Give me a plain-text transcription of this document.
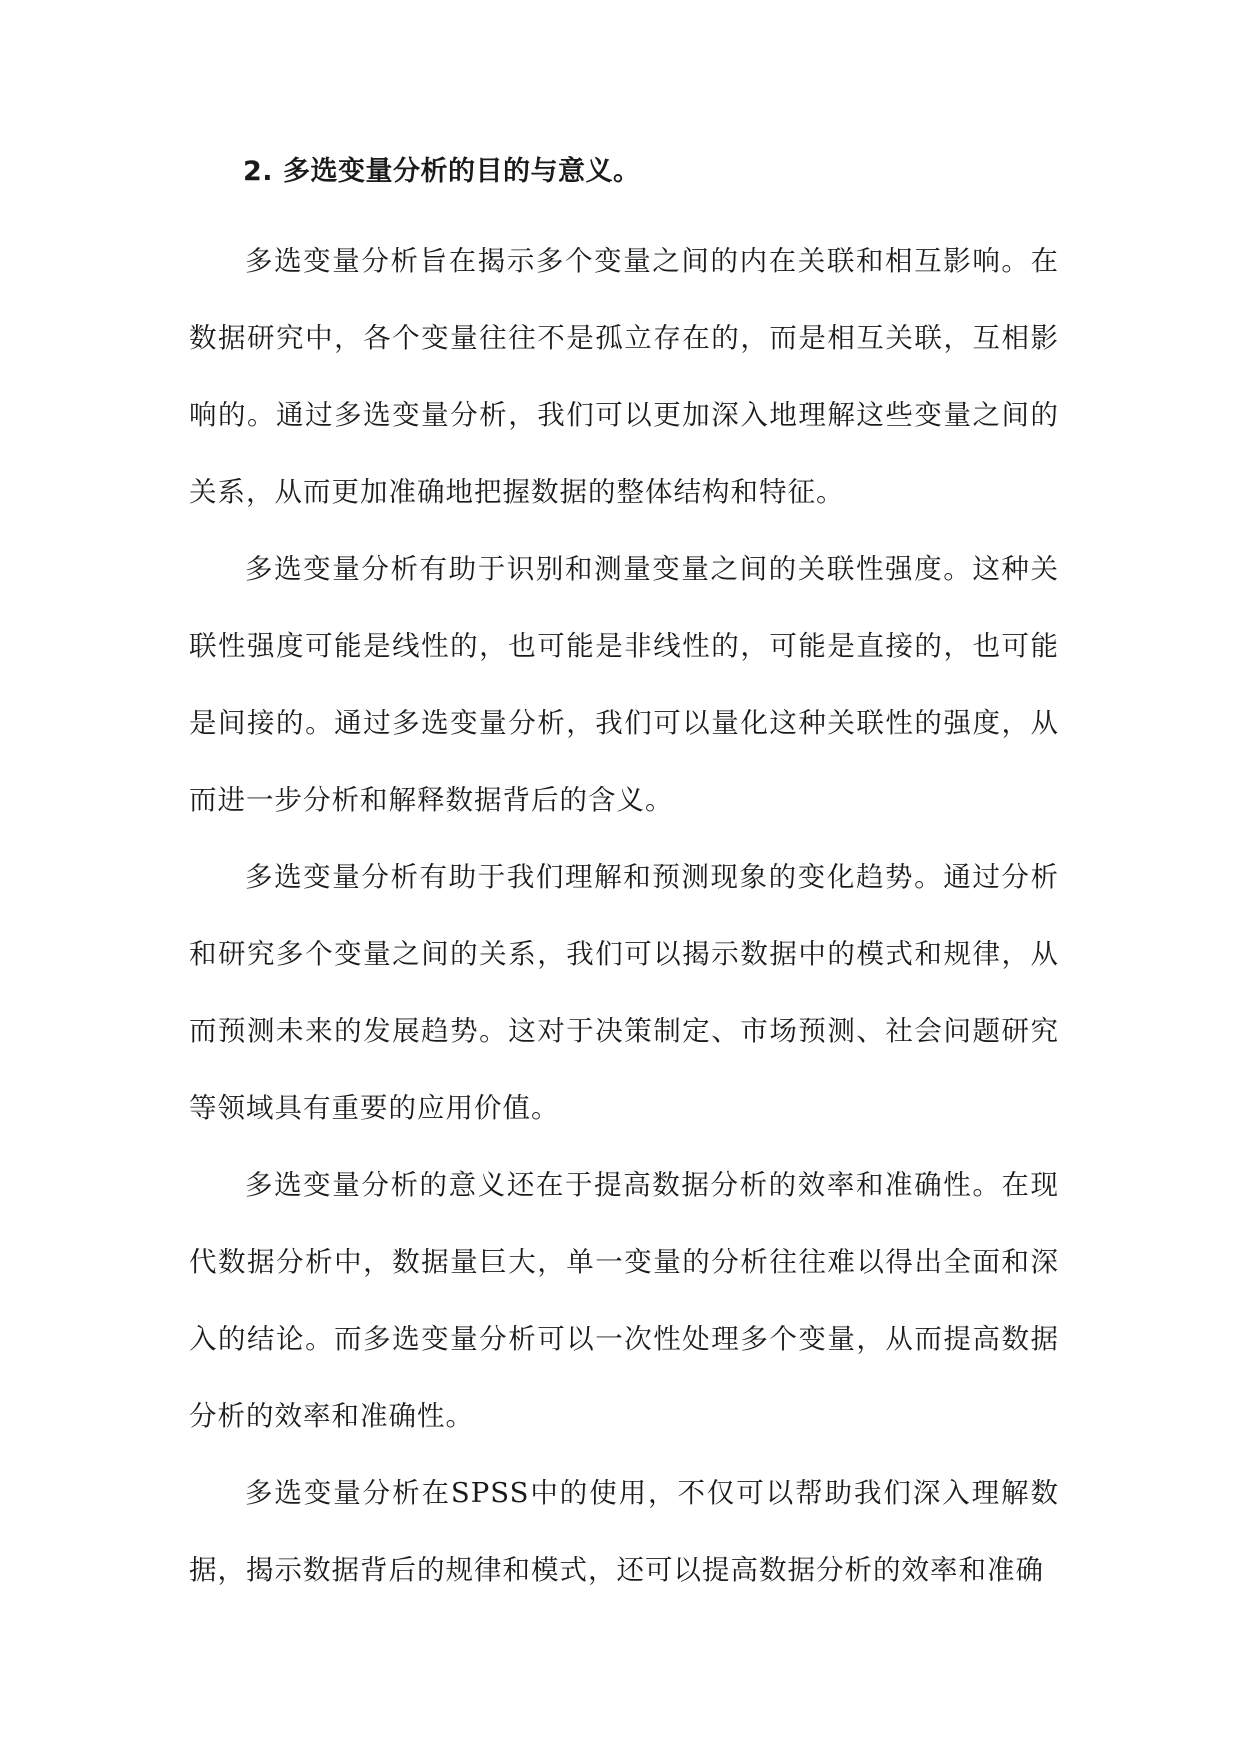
2. 多选变量分析的目的与意义。

多选变量分析旨在揭示多个变量之间的内在关联和相互影响。在数据研究中，各个变量往往不是孤立存在的，而是相互关联，互相影响的。通过多选变量分析，我们可以更加深入地理解这些变量之间的关系，从而更加准确地把握数据的整体结构和特征。

多选变量分析有助于识别和测量变量之间的关联性强度。这种关联性强度可能是线性的，也可能是非线性的，可能是直接的，也可能是间接的。通过多选变量分析，我们可以量化这种关联性的强度，从而进一步分析和解释数据背后的含义。

多选变量分析有助于我们理解和预测现象的变化趋势。通过分析和研究多个变量之间的关系，我们可以揭示数据中的模式和规律，从而预测未来的发展趋势。这对于决策制定、市场预测、社会问题研究等领域具有重要的应用价值。

多选变量分析的意义还在于提高数据分析的效率和准确性。在现代数据分析中，数据量巨大，单一变量的分析往往难以得出全面和深入的结论。而多选变量分析可以一次性处理多个变量，从而提高数据分析的效率和准确性。

多选变量分析在SPSS中的使用，不仅可以帮助我们深入理解数据，揭示数据背后的规律和模式，还可以提高数据分析的效率和准确
